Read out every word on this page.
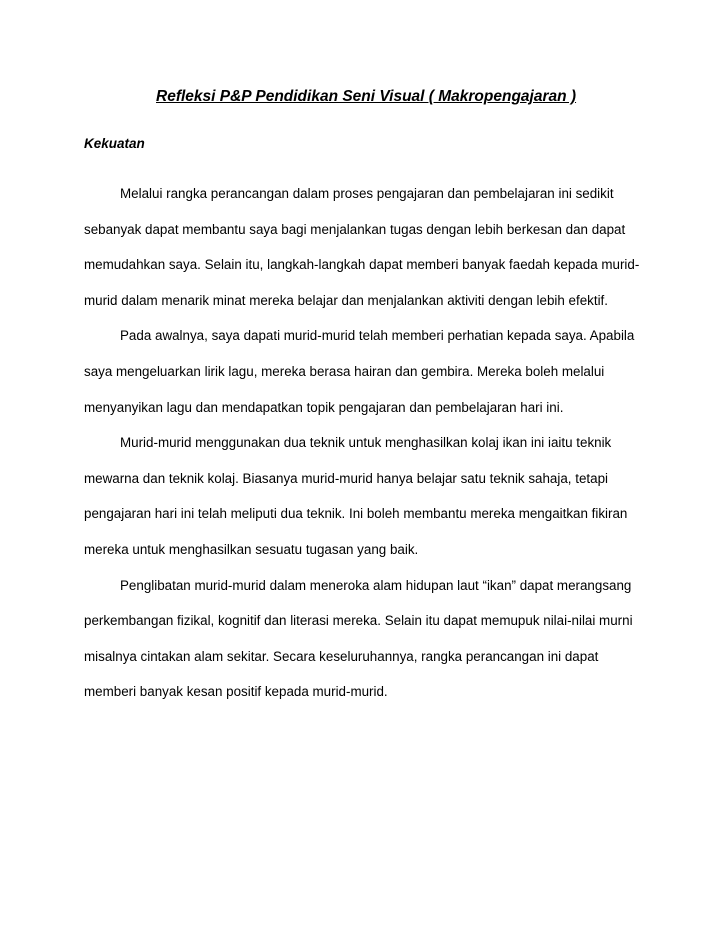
Refleksi P&P Pendidikan Seni Visual ( Makropengajaran )
Kekuatan

Melalui rangka perancangan dalam proses pengajaran dan pembelajaran ini sedikit sebanyak dapat membantu saya bagi menjalankan tugas dengan lebih berkesan dan dapat memudahkan saya. Selain itu, langkah-langkah dapat memberi banyak faedah kepada murid-murid dalam menarik minat mereka belajar dan menjalankan aktiviti dengan lebih efektif.

Pada awalnya, saya dapati murid-murid telah memberi perhatian kepada saya. Apabila saya mengeluarkan lirik lagu, mereka berasa hairan dan gembira. Mereka boleh melalui menyanyikan lagu dan mendapatkan topik pengajaran dan pembelajaran hari ini.

Murid-murid menggunakan dua teknik untuk menghasilkan kolaj ikan ini iaitu teknik mewarna dan teknik kolaj. Biasanya murid-murid hanya belajar satu teknik sahaja, tetapi pengajaran hari ini telah meliputi dua teknik. Ini boleh membantu mereka mengaitkan fikiran mereka untuk menghasilkan sesuatu tugasan yang baik.

Penglibatan murid-murid dalam meneroka alam hidupan laut “ikan” dapat merangsang perkembangan fizikal, kognitif dan literasi mereka. Selain itu dapat memupuk nilai-nilai murni misalnya cintakan alam sekitar. Secara keseluruhannya, rangka perancangan ini dapat memberi banyak kesan positif kepada murid-murid.
